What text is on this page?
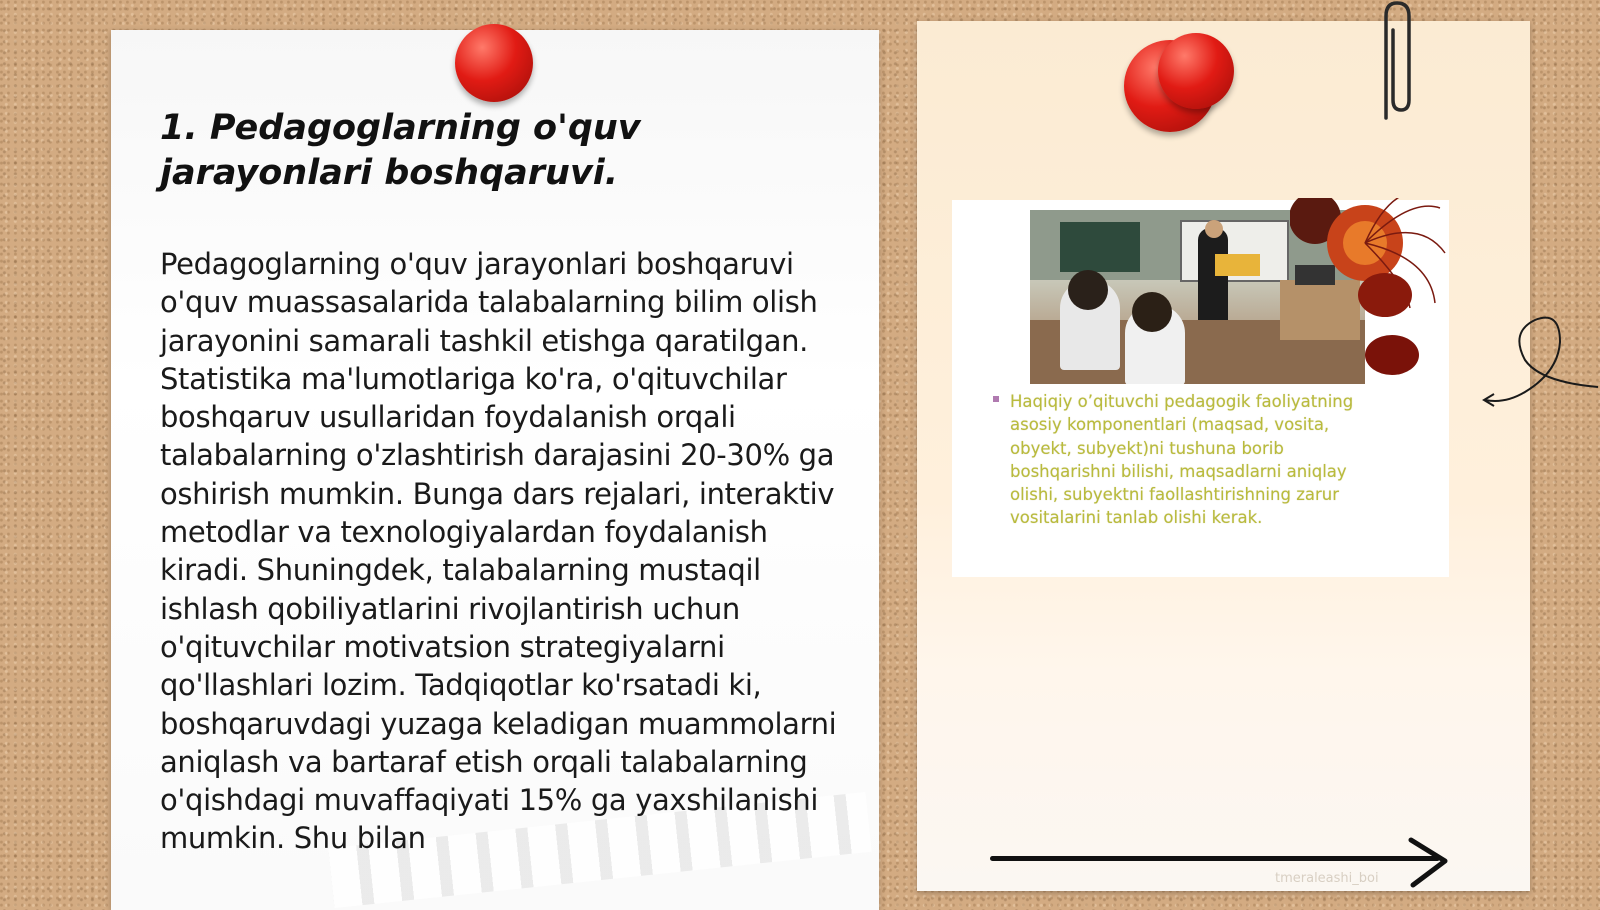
1. Pedagoglarning o'quv jarayonlari boshqaruvi.

Pedagoglarning o'quv jarayonlari boshqaruvi o'quv muassasalarida talabalarning bilim olish jarayonini samarali tashkil etishga qaratilgan. Statistika ma'lumotlariga ko'ra, o'qituvchilar boshqaruv usullaridan foydalanish orqali talabalarning o'zlashtirish darajasini 20-30% ga oshirish mumkin. Bunga dars rejalari, interaktiv metodlar va texnologiyalardan foydalanish kiradi. Shuningdek, talabalarning mustaqil ishlash qobiliyatlarini rivojlantirish uchun o'qituvchilar motivatsion strategiyalarni qo'llashlari lozim. Tadqiqotlar ko'rsatadi ki, boshqaruvdagi yuzaga keladigan muammolarni aniqlash va bartaraf etish orqali talabalarning o'qishdagi muvaffaqiyati 15% ga yaxshilanishi mumkin. Shu bilan

Haqiqiy o’qituvchi pedagogik faoliyatning asosiy komponentlari (maqsad, vosita, obyekt, subyekt)ni tushuna borib boshqarishni bilishi, maqsadlarni aniqlay olishi, subyektni faollashtirishning zarur vositalarini tanlab olishi kerak.

tmeraleashi_boi
